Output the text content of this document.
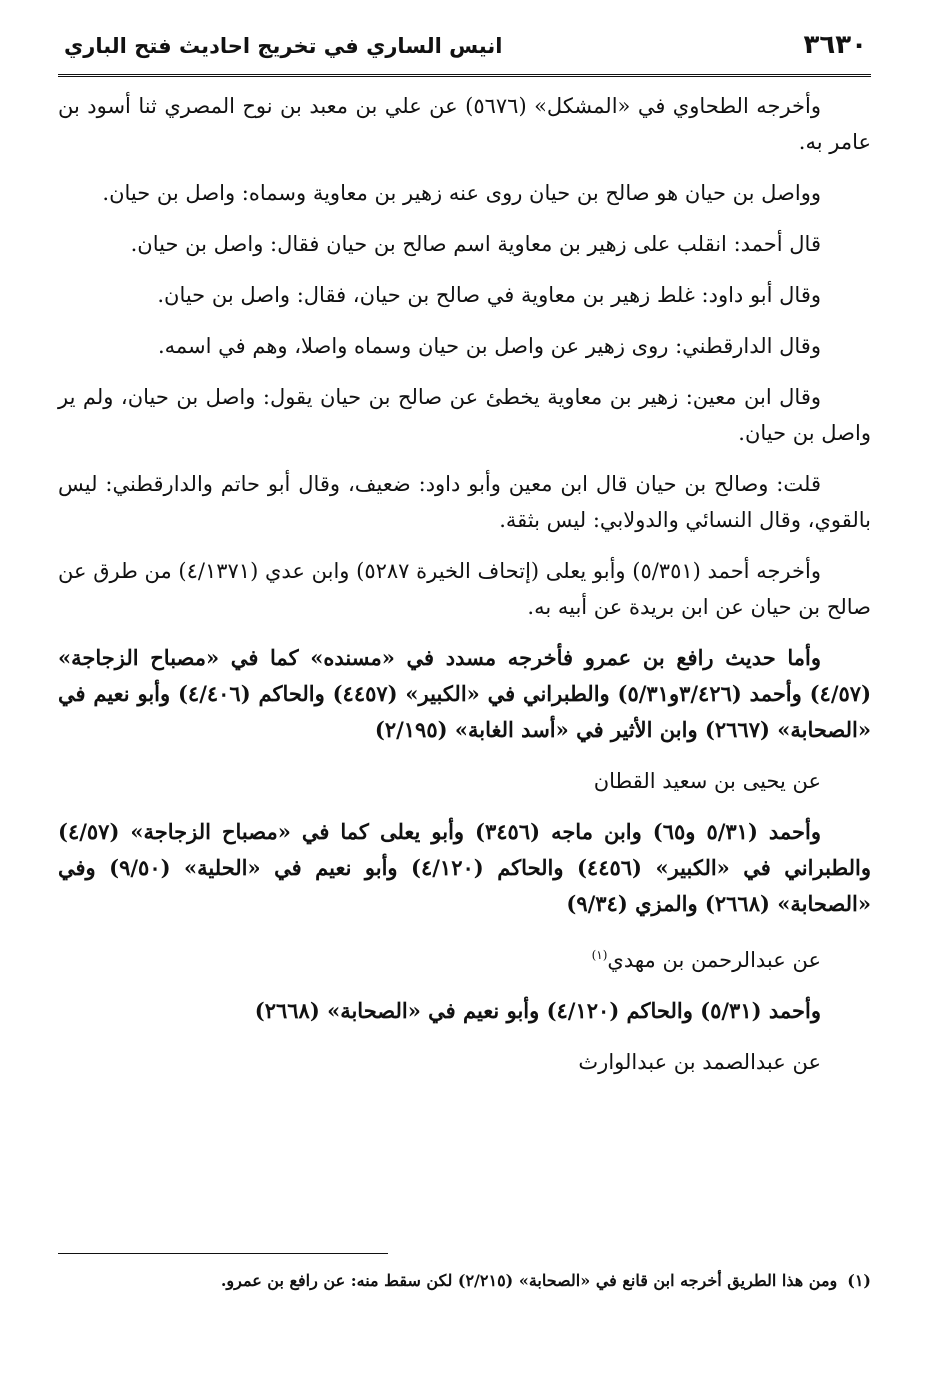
٣٦٣٠
انيس الساري في تخريج احاديث فتح الباري

وأخرجه الطحاوي في «المشكل» (٥٦٧٦) عن علي بن معبد بن نوح المصري ثنا أسود بن عامر به.

وواصل بن حيان هو صالح بن حيان روى عنه زهير بن معاوية وسماه: واصل بن حيان.

قال أحمد: انقلب على زهير بن معاوية اسم صالح بن حيان فقال: واصل بن حيان.

وقال أبو داود: غلط زهير بن معاوية في صالح بن حيان، فقال: واصل بن حيان.

وقال الدارقطني: روى زهير عن واصل بن حيان وسماه واصلا، وهم في اسمه.

وقال ابن معين: زهير بن معاوية يخطئ عن صالح بن حيان يقول: واصل بن حيان، ولم ير واصل بن حيان.

قلت: وصالح بن حيان قال ابن معين وأبو داود: ضعيف، وقال أبو حاتم والدارقطني: ليس بالقوي، وقال النسائي والدولابي: ليس بثقة.

وأخرجه أحمد (٥/٣٥١) وأبو يعلى (إتحاف الخيرة ٥٢٨٧) وابن عدي (٤/١٣٧١) من طرق عن صالح بن حيان عن ابن بريدة عن أبيه به.

وأما حديث رافع بن عمرو فأخرجه مسدد في «مسنده» كما في «مصباح الزجاجة» (٤/٥٧) وأحمد (٣/٤٢٦و٥/٣١) والطبراني في «الكبير» (٤٤٥٧) والحاكم (٤/٤٠٦) وأبو نعيم في «الصحابة» (٢٦٦٧) وابن الأثير في «أسد الغابة» (٢/١٩٥)

عن يحيى بن سعيد القطان

وأحمد (٥/٣١ و٦٥) وابن ماجه (٣٤٥٦) وأبو يعلى كما في «مصباح الزجاجة» (٤/٥٧) والطبراني في «الكبير» (٤٤٥٦) والحاكم (٤/١٢٠) وأبو نعيم في «الحلية» (٩/٥٠) وفي «الصحابة» (٢٦٦٨) والمزي (٩/٣٤)

عن عبدالرحمن بن مهدي$^{(١)}$

وأحمد (٥/٣١) والحاكم (٤/١٢٠) وأبو نعيم في «الصحابة» (٢٦٦٨)

عن عبدالصمد بن عبدالوارث

(١)
ومن هذا الطريق أخرجه ابن قانع في «الصحابة» (٢/٢١٥) لكن سقط منه: عن رافع بن عمرو.
